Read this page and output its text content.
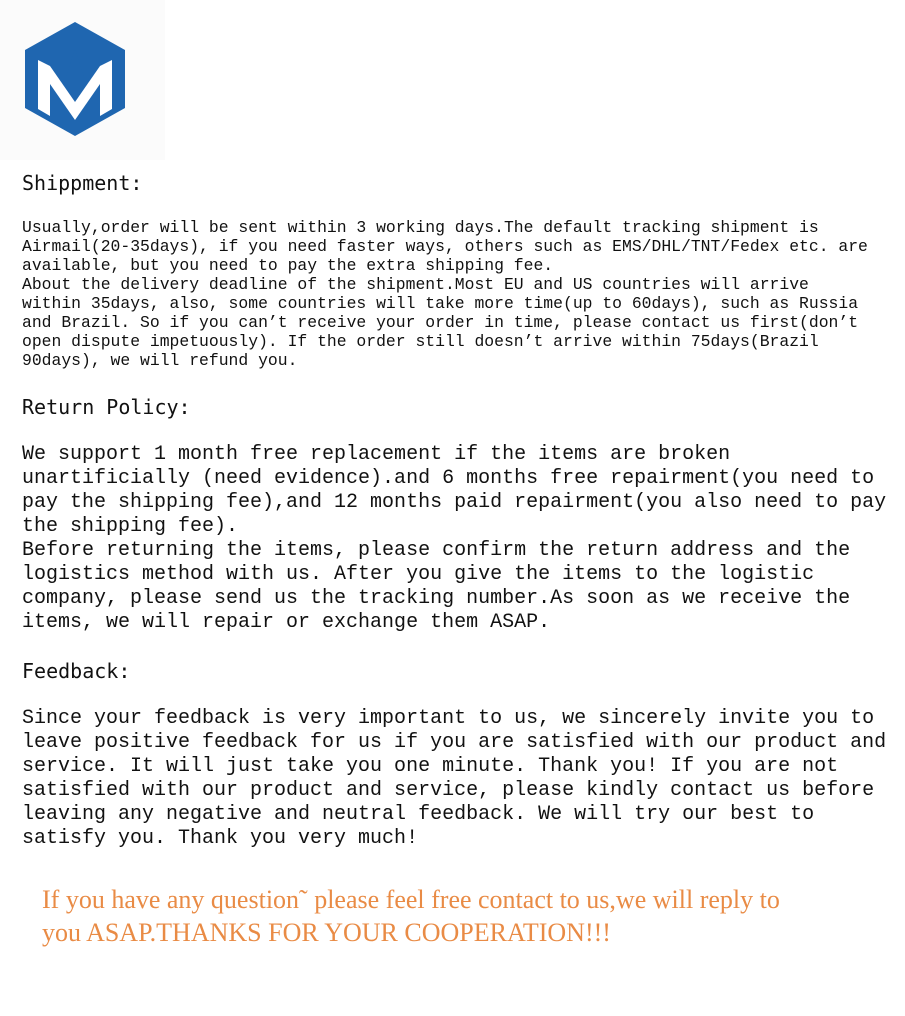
Shippment:
Usually,order will be sent within 3 working days.The default tracking shipment is
Airmail(20-35days), if you need faster ways, others such as EMS/DHL/TNT/Fedex etc. are
available, but you need to pay the extra shipping fee.
About the delivery deadline of the shipment.Most EU and US countries will arrive
within 35days, also, some countries will take more time(up to 60days), such as Russia
and Brazil. So if you can’t receive your order in time, please contact us first(don’t
open dispute impetuously). If the order still doesn’t arrive within 75days(Brazil
90days), we will refund you.
Return Policy:
We support 1 month free replacement if the items are broken
unartificially (need evidence).and 6 months free repairment(you need to
pay the shipping fee),and 12 months paid repairment(you also need to pay
the shipping fee).
Before returning the items, please confirm the return address and the
logistics method with us. After you give the items to the logistic
company, please send us the tracking number.As soon as we receive the
items, we will repair or exchange them ASAP.
Feedback:
Since your feedback is very important to us, we sincerely invite you to
leave positive feedback for us if you are satisfied with our product and
service. It will just take you one minute. Thank you! If you are not
satisfied with our product and service, please kindly contact us before
leaving any negative and neutral feedback. We will try our best to
satisfy you. Thank you very much!
If you have any question˜ please feel free contact to us,we will reply to
you ASAP.THANKS FOR YOUR COOPERATION!!!
